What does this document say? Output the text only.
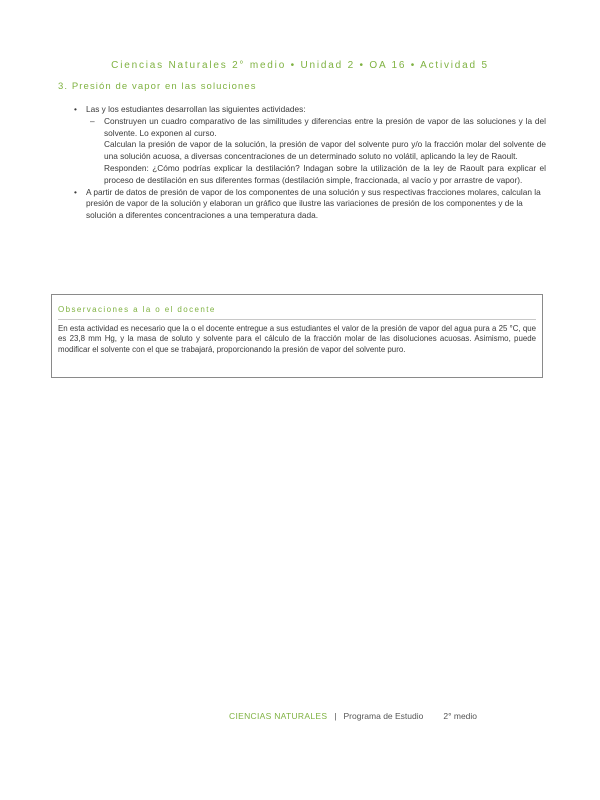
Ciencias Naturales 2° medio • Unidad 2 • OA 16 • Actividad 5
3. Presión de vapor en las soluciones
• Las y los estudiantes desarrollan las siguientes actividades:
– Construyen un cuadro comparativo de las similitudes y diferencias entre la presión de vapor de las soluciones y la del solvente. Lo exponen al curso.
Calculan la presión de vapor de la solución, la presión de vapor del solvente puro y/o la fracción molar del solvente de una solución acuosa, a diversas concentraciones de un determinado soluto no volátil, aplicando la ley de Raoult.
Responden: ¿Cómo podrías explicar la destilación? Indagan sobre la utilización de la ley de Raoult para explicar el proceso de destilación en sus diferentes formas (destilación simple, fraccionada, al vacío y por arrastre de vapor).
• A partir de datos de presión de vapor de los componentes de una solución y sus respectivas fracciones molares, calculan la presión de vapor de la solución y elaboran un gráfico que ilustre las variaciones de presión de los componentes y de la solución a diferentes concentraciones a una temperatura dada.
Observaciones a la o el docente
En esta actividad es necesario que la o el docente entregue a sus estudiantes el valor de la presión de vapor del agua pura a 25 °C, que es 23,8 mm Hg, y la masa de soluto y solvente para el cálculo de la fracción molar de las disoluciones acuosas. Asimismo, puede modificar el solvente con el que se trabajará, proporcionando la presión de vapor del solvente puro.
CIENCIAS NATURALES | Programa de Estudio 2° medio
